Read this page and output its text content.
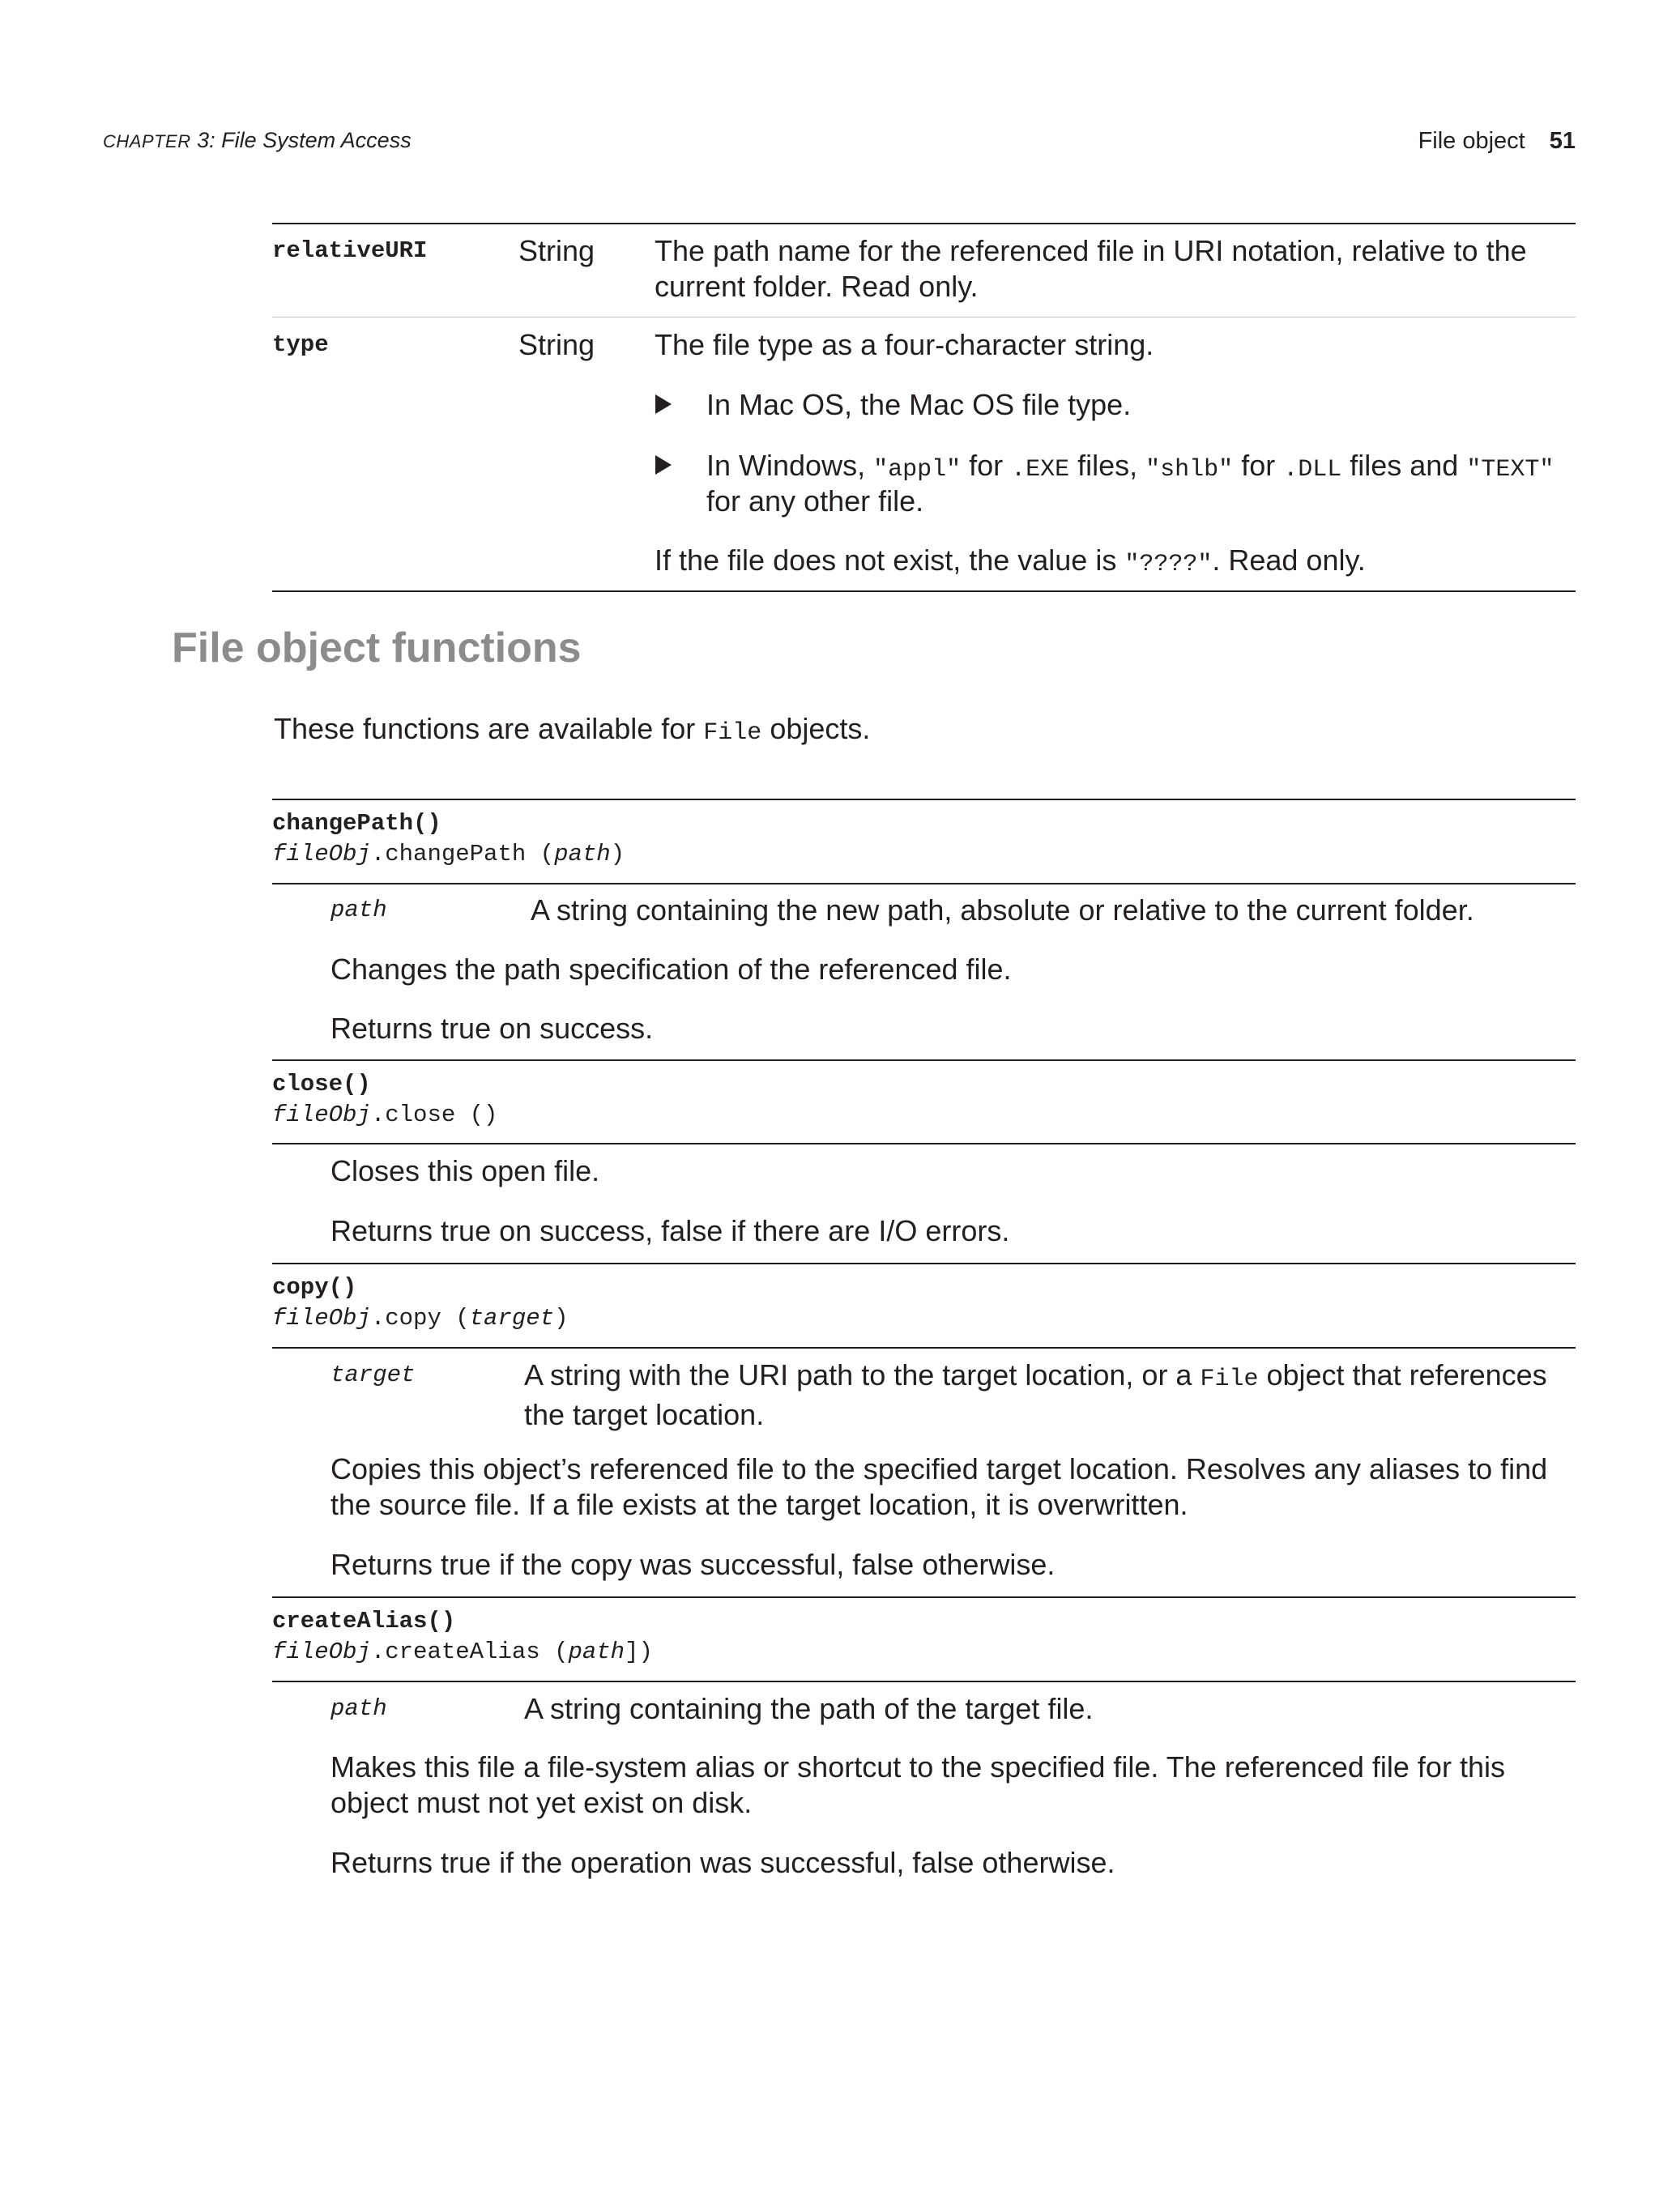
CHAPTER 3: File System Access	File object 51
relativeURI	String The path name for the referenced file in URI notation, relative to the current folder. Read only.
type	String The file type as a four-character string.
In Mac OS, the Mac OS file type.
In Windows, "appl" for .EXE files, "shlb" for .DLL files and "TEXT"
for any other file.
If the file does not exist, the value is "????". Read only.
File object functions
These functions are available for File objects.
changePath()
fileObj.changePath (path)
path	A string containing the new path, absolute or relative to the current folder.
Changes the path specification of the referenced file.
Returns true on success.
close()
fileObj.close ()
Closes this open file.
Returns true on success, false if there are I/O errors.
copy()
fileObj.copy (target)
target	A string with the URI path to the target location, or a File object that references the target location.
Copies this object’s referenced file to the specified target location. Resolves any aliases to find the source file. If a file exists at the target location, it is overwritten.
Returns true if the copy was successful, false otherwise.
createAlias()
fileObj.createAlias (path])
path	A string containing the path of the target file.
Makes this file a file-system alias or shortcut to the specified file. The referenced file for this object must not yet exist on disk.
Returns true if the operation was successful, false otherwise.
